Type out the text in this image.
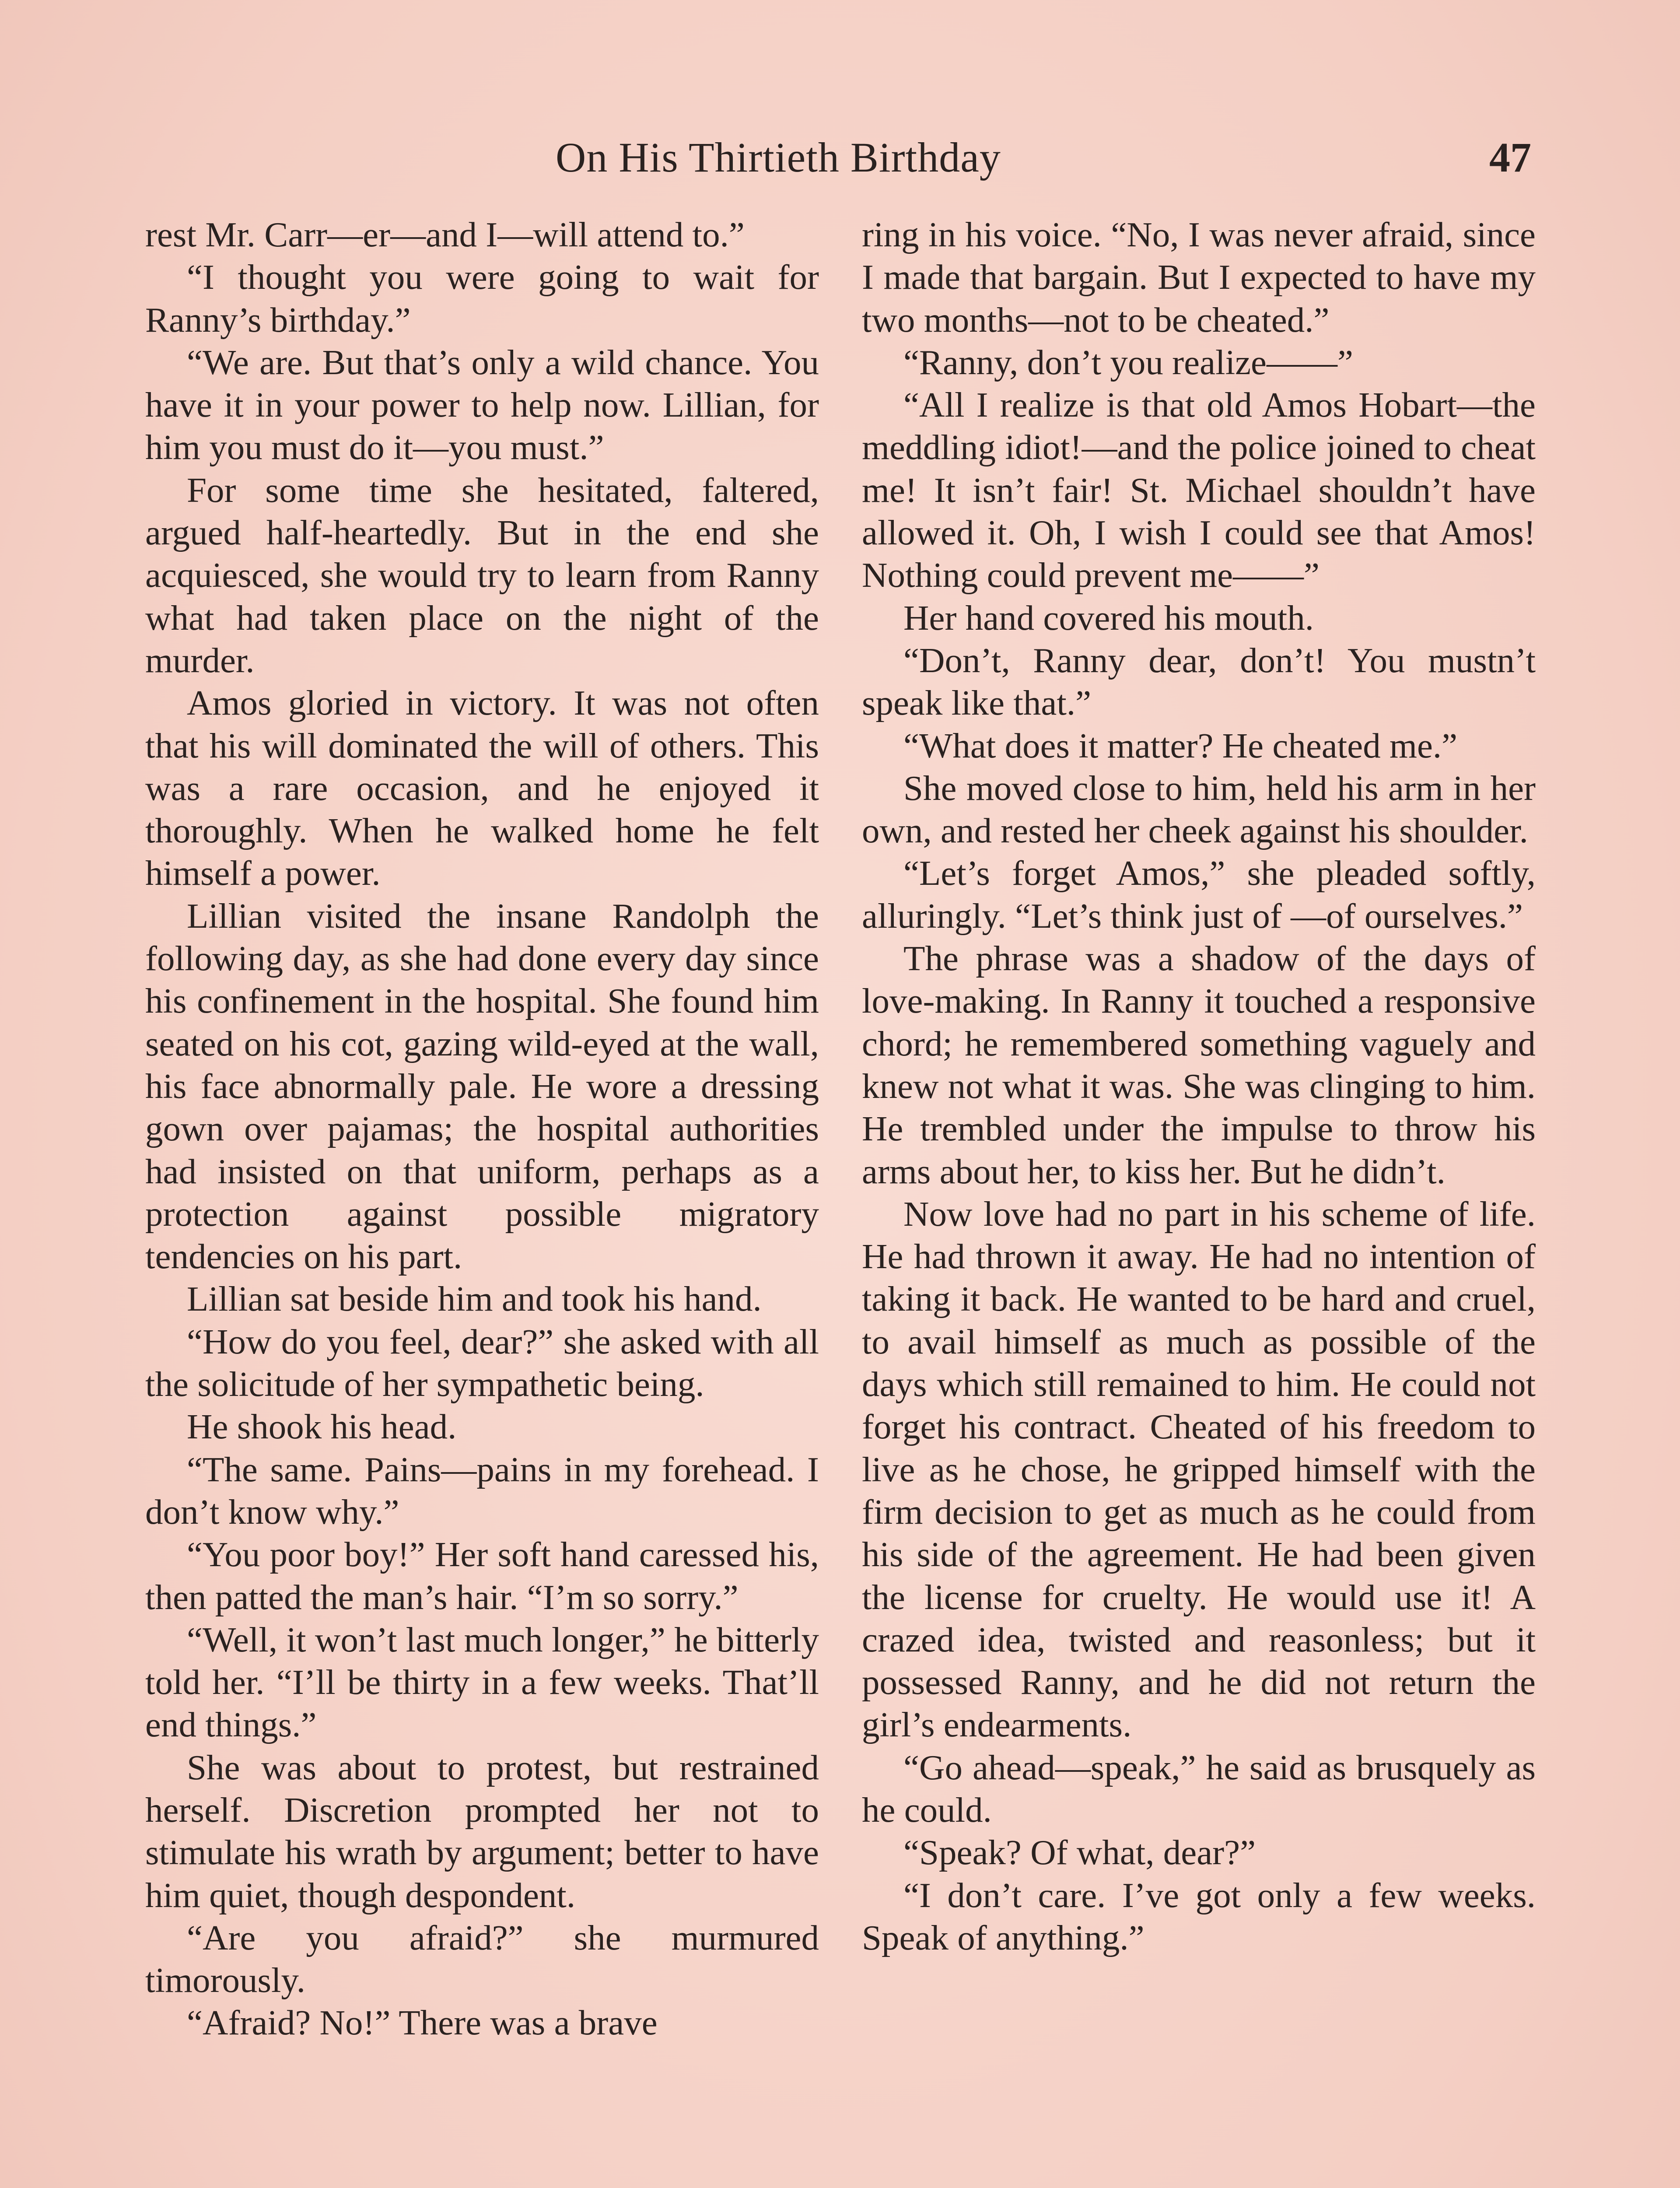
On His Thirtieth Birthday	47

rest Mr. Carr—er—and I—will attend to.”

“I thought you were going to wait for Ranny’s birthday.”

“We are. But that’s only a wild chance. You have it in your power to help now. Lillian, for him you must do it—you must.”

For some time she hesitated, faltered, argued half-heartedly. But in the end she acquiesced, she would try to learn from Ranny what had taken place on the night of the murder.

Amos gloried in victory. It was not often that his will dominated the will of others. This was a rare occasion, and he enjoyed it thoroughly. When he walked home he felt himself a power.

Lillian visited the insane Randolph the following day, as she had done every day since his confinement in the hospital. She found him seated on his cot, gazing wild-eyed at the wall, his face abnormally pale. He wore a dressing gown over pajamas; the hospital authorities had insisted on that uniform, perhaps as a protection against possible migratory tendencies on his part.

Lillian sat beside him and took his hand.

“How do you feel, dear?” she asked with all the solicitude of her sympathetic being.

He shook his head.

“The same. Pains—pains in my forehead. I don’t know why.”

“You poor boy!” Her soft hand caressed his, then patted the man’s hair. “I’m so sorry.”

“Well, it won’t last much longer,” he bitterly told her. “I’ll be thirty in a few weeks. That’ll end things.”

She was about to protest, but restrained herself. Discretion prompted her not to stimulate his wrath by argument; better to have him quiet, though despondent.

“Are you afraid?” she murmured timorously.

“Afraid? No!” There was a brave

ring in his voice. “No, I was never afraid, since I made that bargain. But I expected to have my two months—not to be cheated.”

“Ranny, don’t you realize——”

“All I realize is that old Amos Hobart—the meddling idiot!—and the police joined to cheat me! It isn’t fair! St. Michael shouldn’t have allowed it. Oh, I wish I could see that Amos! Nothing could prevent me——”

Her hand covered his mouth.

“Don’t, Ranny dear, don’t! You mustn’t speak like that.”

“What does it matter? He cheated me.”

She moved close to him, held his arm in her own, and rested her cheek against his shoulder.

“Let’s forget Amos,” she pleaded softly, alluringly. “Let’s think just of —of ourselves.”

The phrase was a shadow of the days of love-making. In Ranny it touched a responsive chord; he remembered something vaguely and knew not what it was. She was clinging to him. He trembled under the impulse to throw his arms about her, to kiss her. But he didn’t.

Now love had no part in his scheme of life. He had thrown it away. He had no intention of taking it back. He wanted to be hard and cruel, to avail himself as much as possible of the days which still remained to him. He could not forget his contract. Cheated of his freedom to live as he chose, he gripped himself with the firm decision to get as much as he could from his side of the agreement. He had been given the license for cruelty. He would use it! A crazed idea, twisted and reasonless; but it possessed Ranny, and he did not return the girl’s endearments.

“Go ahead—speak,” he said as brusquely as he could.

“Speak? Of what, dear?”

“I don’t care. I’ve got only a few weeks. Speak of anything.”
